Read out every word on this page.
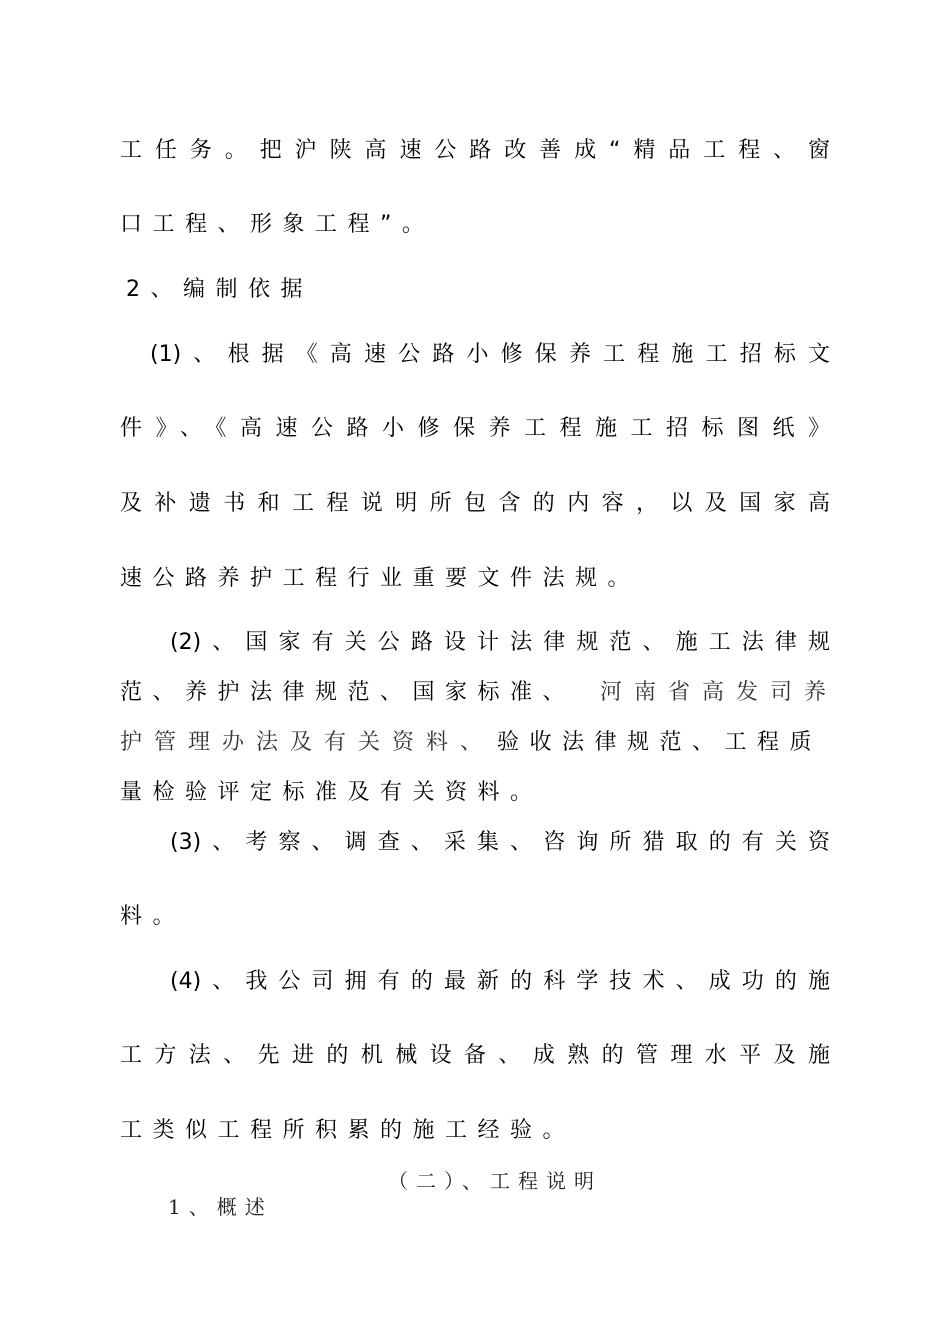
工任务。把沪陕高速公路改善成“精品工程、窗
口工程、形象工程”。
2、编制依据
(1)、根据《高速公路小修保养工程施工招标文
件》、《高速公路小修保养工程施工招标图纸》
及补遗书和工程说明所包含的内容，以及国家高
速公路养护工程行业重要文件法规。
(2)、国家有关公路设计法律规范、施工法律规
范、养护法律规范、国家标准、 河南省高发司养
护管理办法及有关资料、 验收法律规范、工程质
量检验评定标准及有关资料。
(3)、考察、调查、采集、咨询所猎取的有关资
料。
(4)、我公司拥有的最新的科学技术、成功的施
工方法、先进的机械设备、成熟的管理水平及施
工类似工程所积累的施工经验。
（二）、工程说明
1、概述
